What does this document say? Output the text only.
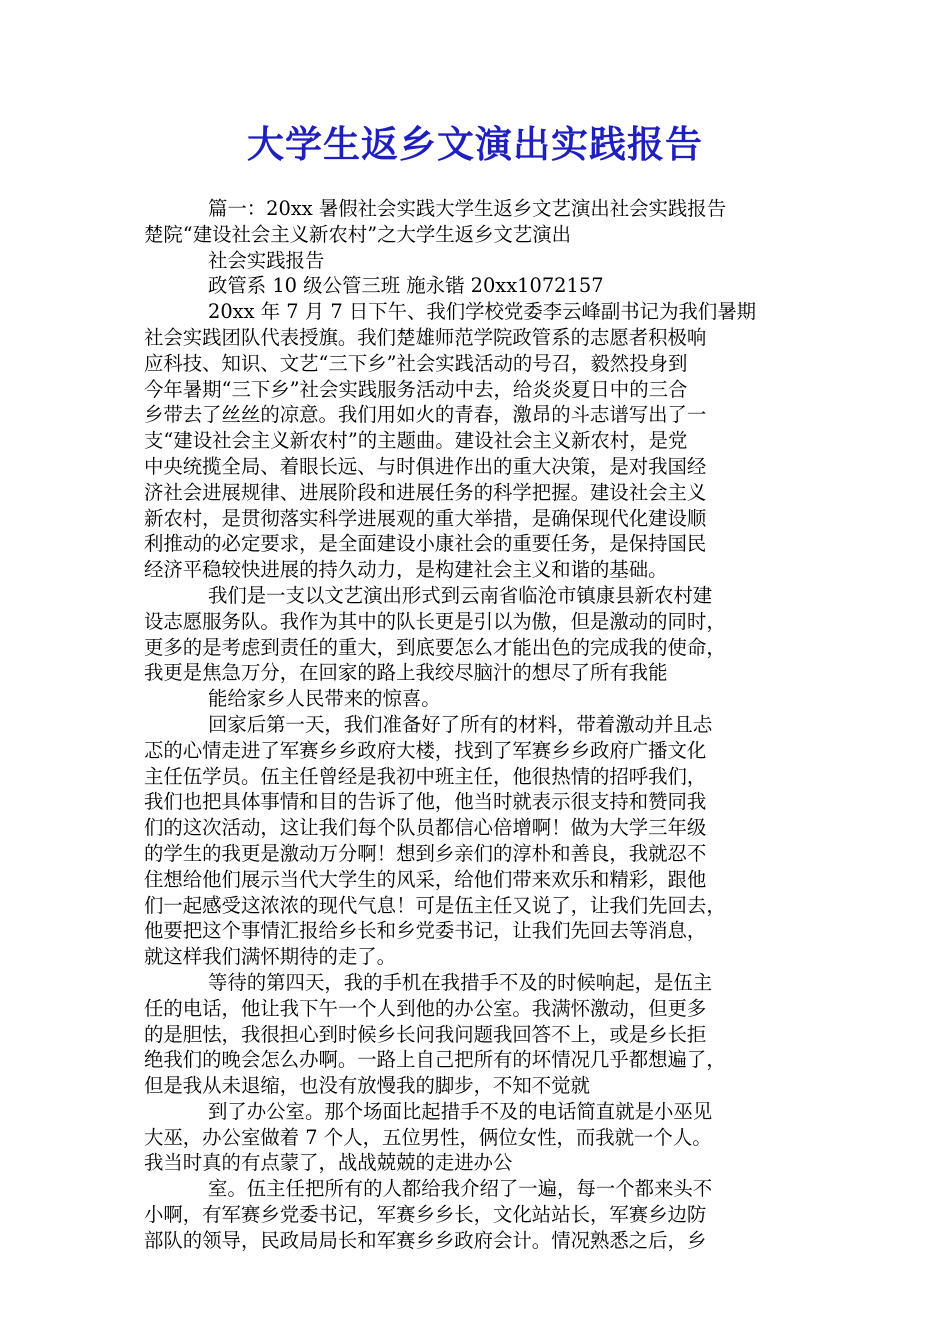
大学生返乡文演出实践报告
篇一：20xx 暑假社会实践大学生返乡文艺演出社会实践报告
楚院“建设社会主义新农村”之大学生返乡文艺演出
社会实践报告
政管系 10 级公管三班 施永锴 20xx1072157
20xx 年 7 月 7 日下午、我们学校党委李云峰副书记为我们暑期
社会实践团队代表授旗。我们楚雄师范学院政管系的志愿者积极响
应科技、知识、文艺“三下乡”社会实践活动的号召，毅然投身到
今年暑期“三下乡”社会实践服务活动中去，给炎炎夏日中的三合
乡带去了丝丝的凉意。我们用如火的青春，激昂的斗志谱写出了一
支“建设社会主义新农村”的主题曲。建设社会主义新农村，是党
中央统揽全局、着眼长远、与时俱进作出的重大决策，是对我国经
济社会进展规律、进展阶段和进展任务的科学把握。建设社会主义
新农村，是贯彻落实科学进展观的重大举措，是确保现代化建设顺
利推动的必定要求，是全面建设小康社会的重要任务，是保持国民
经济平稳较快进展的持久动力，是构建社会主义和谐的基础。
我们是一支以文艺演出形式到云南省临沧市镇康县新农村建
设志愿服务队。我作为其中的队长更是引以为傲，但是激动的同时，
更多的是考虑到责任的重大，到底要怎么才能出色的完成我的使命，
我更是焦急万分，在回家的路上我绞尽脑汁的想尽了所有我能
能给家乡人民带来的惊喜。
回家后第一天，我们准备好了所有的材料，带着激动并且忐
忑的心情走进了军赛乡乡政府大楼，找到了军赛乡乡政府广播文化
主任伍学员。伍主任曾经是我初中班主任，他很热情的招呼我们，
我们也把具体事情和目的告诉了他，他当时就表示很支持和赞同我
们的这次活动，这让我们每个队员都信心倍增啊！做为大学三年级
的学生的我更是激动万分啊！想到乡亲们的淳朴和善良，我就忍不
住想给他们展示当代大学生的风采，给他们带来欢乐和精彩，跟他
们一起感受这浓浓的现代气息！可是伍主任又说了，让我们先回去，
他要把这个事情汇报给乡长和乡党委书记，让我们先回去等消息，
就这样我们满怀期待的走了。
等待的第四天，我的手机在我措手不及的时候响起，是伍主
任的电话，他让我下午一个人到他的办公室。我满怀激动，但更多
的是胆怯，我很担心到时候乡长问我问题我回答不上，或是乡长拒
绝我们的晚会怎么办啊。一路上自己把所有的坏情况几乎都想遍了，
但是我从未退缩，也没有放慢我的脚步，不知不觉就
到了办公室。那个场面比起措手不及的电话简直就是小巫见
大巫，办公室做着 7 个人，五位男性，俩位女性，而我就一个人。
我当时真的有点蒙了，战战兢兢的走进办公
室。伍主任把所有的人都给我介绍了一遍，每一个都来头不
小啊，有军赛乡党委书记，军赛乡乡长，文化站站长，军赛乡边防
部队的领导，民政局局长和军赛乡乡政府会计。情况熟悉之后，乡
